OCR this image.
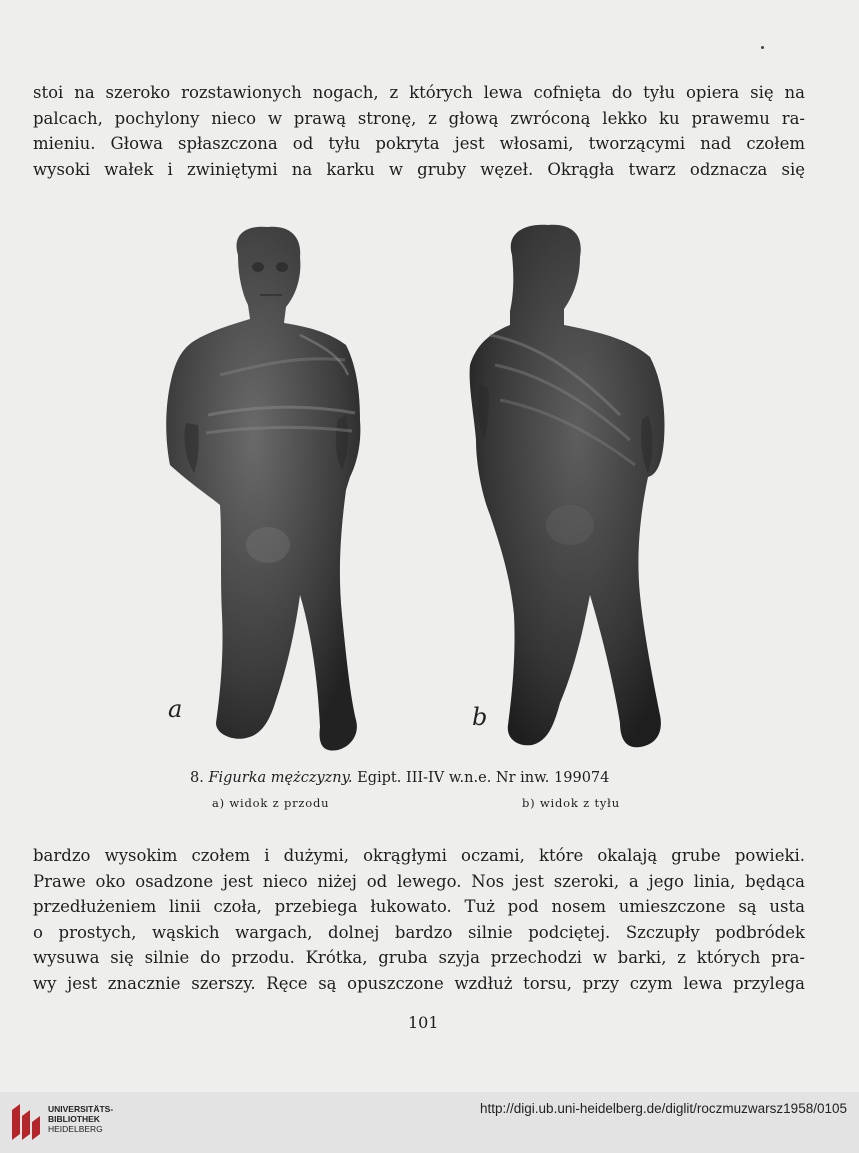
stoi na szeroko rozstawionych nogach, z których lewa cofnięta do tyłu opiera się na
palcach, pochylony nieco w prawą stronę, z głową zwróconą lekko ku prawemu ra-
mieniu. Głowa spłaszczona od tyłu pokryta jest włosami, tworzącymi nad czołem
wysoki wałek i zwiniętymi na karku w gruby węzeł. Okrągła twarz odznacza się

a	b
8. Figurka mężczyzny. Egipt. III-IV w.n.e. Nr inw. 199074
a) widok z przodu	b) widok z tyłu

bardzo wysokim czołem i dużymi, okrągłymi oczami, które okalają grube powieki.
Prawe oko osadzone jest nieco niżej od lewego. Nos jest szeroki, a jego linia, będąca
przedłużeniem linii czoła, przebiega łukowato. Tuż pod nosem umieszczone są usta
o prostych, wąskich wargach, dolnej bardzo silnie podciętej. Szczupły podbródek
wysuwa się silnie do przodu. Krótka, gruba szyja przechodzi w barki, z których pra-
wy jest znacznie szerszy. Ręce są opuszczone wzdłuż torsu, przy czym lewa przylega

101
UNIVERSITÄTS-
BIBLIOTHEK
HEIDELBERG
http://digi.ub.uni-heidelberg.de/diglit/roczmuzwarsz1958/0105
